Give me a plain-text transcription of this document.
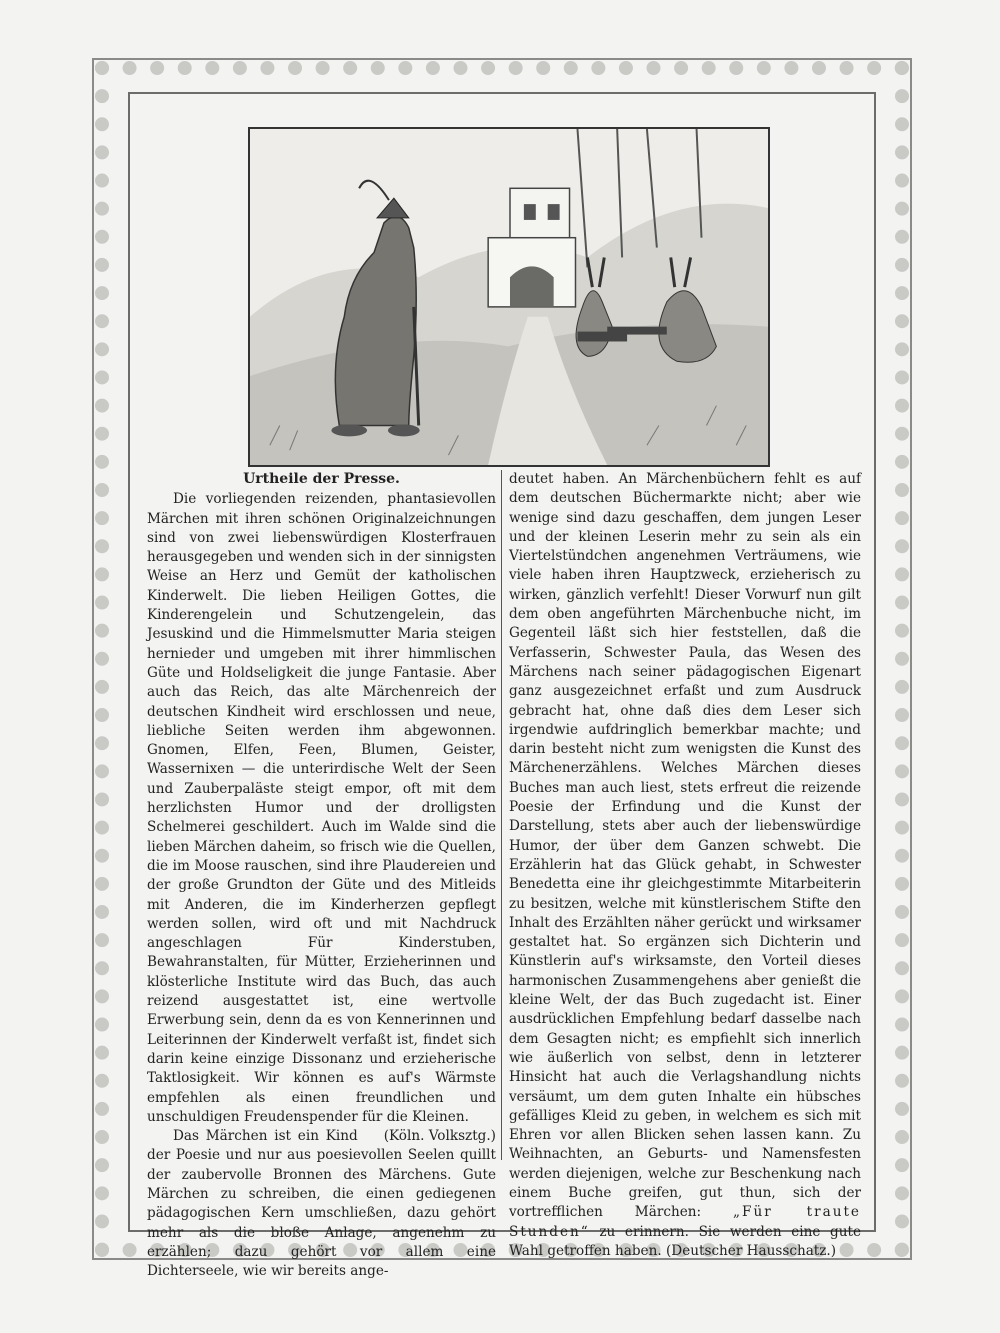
Urtheile der Presse.

Die vorliegenden reizenden, phantasievollen Märchen mit ihren schönen Originalzeichnungen sind von zwei liebenswürdigen Klosterfrauen herausgegeben und wenden sich in der sinnigsten Weise an Herz und Gemüt der katholischen Kinderwelt. Die lieben Heiligen Gottes, die Kinderengelein und Schutzengelein, das Jesuskind und die Himmelsmutter Maria steigen hernieder und umgeben mit ihrer himmlischen Güte und Holdseligkeit die junge Fantasie. Aber auch das Reich, das alte Märchenreich der deutschen Kindheit wird erschlossen und neue, liebliche Seiten werden ihm abgewonnen. Gnomen, Elfen, Feen, Blumen, Geister, Wassernixen — die unterirdische Welt der Seen und Zauberpaläste steigt empor, oft mit dem herzlichsten Humor und der drolligsten Schelmerei geschildert. Auch im Walde sind die lieben Märchen daheim, so frisch wie die Quellen, die im Moose rauschen, sind ihre Plaudereien und der große Grundton der Güte und des Mitleids mit Anderen, die im Kinderherzen gepflegt werden sollen, wird oft und mit Nachdruck angeschlagen Für Kinderstuben, Bewahranstalten, für Mütter, Erzieherinnen und klösterliche Institute wird das Buch, das auch reizend ausgestattet ist, eine wertvolle Erwerbung sein, denn da es von Kennerinnen und Leiterinnen der Kinderwelt verfaßt ist, findet sich darin keine einzige Dissonanz und erzieherische Taktlosigkeit. Wir können es auf's Wärmste empfehlen als einen freundlichen und unschuldigen Freudenspender für die Kleinen.
(Köln. Volksztg.)

Das Märchen ist ein Kind der Poesie und nur aus poesievollen Seelen quillt der zaubervolle Bronnen des Märchens. Gute Märchen zu schreiben, die einen gediegenen pädagogischen Kern umschließen, dazu gehört mehr als die bloße Anlage, angenehm zu erzählen; dazu gehört vor allem eine Dichterseele, wie wir bereits ange-

deutet haben. An Märchenbüchern fehlt es auf dem deutschen Büchermarkte nicht; aber wie wenige sind dazu geschaffen, dem jungen Leser und der kleinen Leserin mehr zu sein als ein Viertelstündchen angenehmen Verträumens, wie viele haben ihren Hauptzweck, erzieherisch zu wirken, gänzlich verfehlt! Dieser Vorwurf nun gilt dem oben angeführten Märchenbuche nicht, im Gegenteil läßt sich hier feststellen, daß die Verfasserin, Schwester Paula, das Wesen des Märchens nach seiner pädagogischen Eigenart ganz ausgezeichnet erfaßt und zum Ausdruck gebracht hat, ohne daß dies dem Leser sich irgendwie aufdringlich bemerkbar machte; und darin besteht nicht zum wenigsten die Kunst des Märchenerzählens. Welches Märchen dieses Buches man auch liest, stets erfreut die reizende Poesie der Erfindung und die Kunst der Darstellung, stets aber auch der liebenswürdige Humor, der über dem Ganzen schwebt. Die Erzählerin hat das Glück gehabt, in Schwester Benedetta eine ihr gleichgestimmte Mitarbeiterin zu besitzen, welche mit künstlerischem Stifte den Inhalt des Erzählten näher gerückt und wirksamer gestaltet hat. So ergänzen sich Dichterin und Künstlerin auf's wirksamste, den Vorteil dieses harmonischen Zusammengehens aber genießt die kleine Welt, der das Buch zugedacht ist. Einer ausdrücklichen Empfehlung bedarf dasselbe nach dem Gesagten nicht; es empfiehlt sich innerlich wie äußerlich von selbst, denn in letzterer Hinsicht hat auch die Verlagshandlung nichts versäumt, um dem guten Inhalte ein hübsches gefälliges Kleid zu geben, in welchem es sich mit Ehren vor allen Blicken sehen lassen kann. Zu Weihnachten, an Geburts- und Namensfesten werden diejenigen, welche zur Beschenkung nach einem Buche greifen, gut thun, sich der vortrefflichen Märchen: „Für traute Stunden“ zu erinnern. Sie werden eine gute Wahl getroffen haben. (Deutscher Hausschatz.)
